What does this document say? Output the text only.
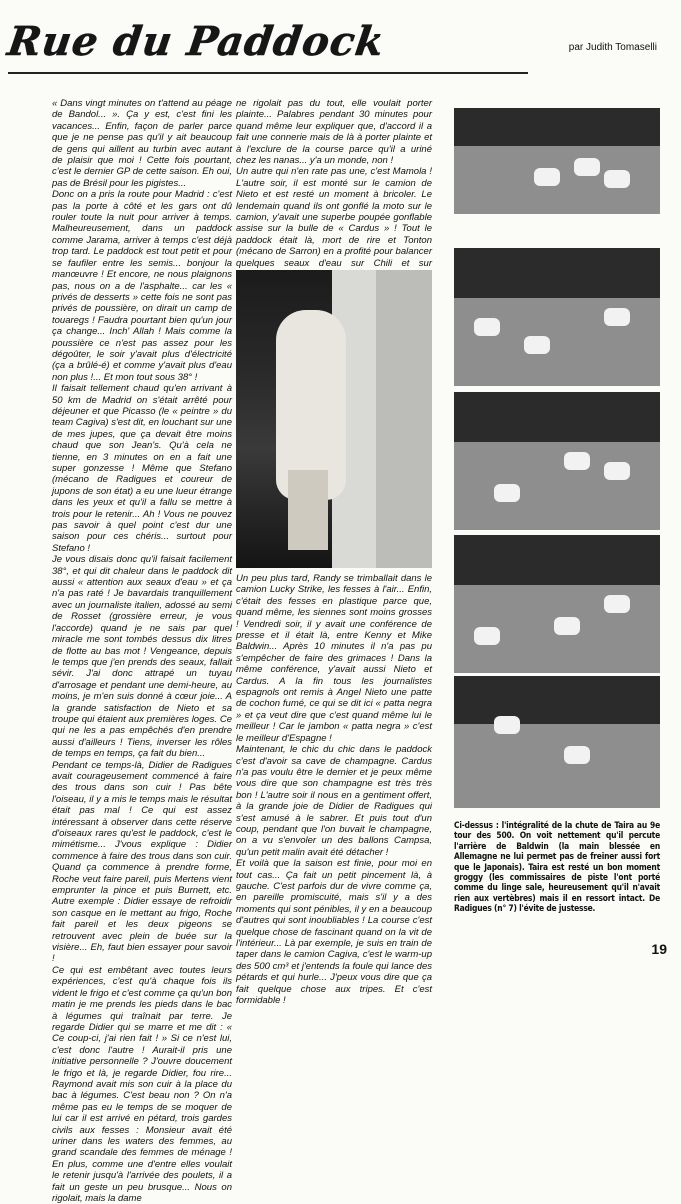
Rue du Paddock	par Judith Tomaselli

« Dans vingt minutes on t'attend au péage de Bandol... ». Ça y est, c'est fini les vacances... Enfin, façon de parler parce que je ne pense pas qu'il y ait beaucoup de gens qui aillent au turbin avec autant de plaisir que moi ! Cette fois pourtant, c'est le dernier GP de cette saison. Eh oui, pas de Brésil pour les pigistes...

Donc on a pris la route pour Madrid : c'est pas la porte à côté et les gars ont dû rouler toute la nuit pour arriver à temps. Malheureusement, dans un paddock comme Jarama, arriver à temps c'est déjà trop tard. Le paddock est tout petit et pour se faufiler entre les semis... bonjour la manœuvre ! Et encore, ne nous plaignons pas, nous on a de l'asphalte... car les « privés de desserts » cette fois ne sont pas privés de poussière, on dirait un camp de touaregs ! Faudra pourtant bien qu'un jour ça change... Inch' Allah ! Mais comme la poussière ce n'est pas assez pour les dégoûter, le soir y'avait plus d'électricité (ça a brûlé-é) et comme y'avait plus d'eau non plus !... Et mon tout sous 38° !

Il faisait tellement chaud qu'en arrivant à 50 km de Madrid on s'était arrêté pour déjeuner et que Picasso (le « peintre » du team Cagiva) s'est dit, en louchant sur une de mes jupes, que ça devait être moins chaud que son Jean's. Qu'à cela ne tienne, en 3 minutes on en a fait une super gonzesse ! Même que Stefano (mécano de Radigues et coureur de jupons de son état) a eu une lueur étrange dans les yeux et qu'il a fallu se mettre à trois pour le retenir... Ah ! Vous ne pouvez pas savoir à quel point c'est dur une saison pour ces chéris... surtout pour Stefano !

Je vous disais donc qu'il faisait facilement 38°, et qui dit chaleur dans le paddock dit aussi « attention aux seaux d'eau » et ça n'a pas raté ! Je bavardais tranquillement avec un journaliste italien, adossé au semi de Rosset (grossière erreur, je vous l'accorde) quand je ne sais par quel miracle me sont tombés dessus dix litres de flotte au bas mot ! Vengeance, depuis le temps que j'en prends des seaux, fallait sévir. J'ai donc attrapé un tuyau d'arrosage et pendant une demi-heure, au moins, je m'en suis donné à cœur joie... A la grande satisfaction de Nieto et sa troupe qui étaient aux premières loges. Ce qui ne les a pas empêchés d'en prendre aussi d'ailleurs ! Tiens, inverser les rôles de temps en temps, ça fait du bien...

Pendant ce temps-là, Didier de Radigues avait courageusement commencé à faire des trous dans son cuir ! Pas bête l'oiseau, il y a mis le temps mais le résultat était pas mal ! Ce qui est assez intéressant à observer dans cette réserve d'oiseaux rares qu'est le paddock, c'est le mimétisme... J'vous explique : Didier commence à faire des trous dans son cuir. Quand ça commence à prendre forme, Roche veut faire pareil, puis Mertens vient emprunter la pince et puis Burnett, etc. Autre exemple : Didier essaye de refroidir son casque en le mettant au frigo, Roche fait pareil et les deux pigeons se retrouvent avec plein de buée sur la visière... Eh, faut bien essayer pour savoir !

Ce qui est embêtant avec toutes leurs expériences, c'est qu'à chaque fois ils vident le frigo et c'est comme ça qu'un bon matin je me prends les pieds dans le bac à légumes qui traînait par terre. Je regarde Didier qui se marre et me dit : « Ce coup-ci, j'ai rien fait ! » Si ce n'est lui, c'est donc l'autre ! Aurait-il pris une initiative personnelle ? J'ouvre doucement le frigo et là, je regarde Didier, fou rire... Raymond avait mis son cuir à la place du bac à légumes. C'est beau non ? On n'a même pas eu le temps de se moquer de lui car il est arrivé en pétard, trois gardes civils aux fesses : Monsieur avait été uriner dans les waters des femmes, au grand scandale des femmes de ménage ! En plus, comme une d'entre elles voulait le retenir jusqu'à l'arrivée des poulets, il a fait un geste un peu brusque... Nous on rigolait, mais la dame

ne rigolait pas du tout, elle voulait porter plainte... Palabres pendant 30 minutes pour quand même leur expliquer que, d'accord il a fait une connerie mais de là à porter plainte et à l'exclure de la course parce qu'il a uriné chez les nanas... y'a un monde, non !

Un autre qui n'en rate pas une, c'est Mamola ! L'autre soir, il est monté sur le camion de Nieto et est resté un moment à bricoler. Le lendemain quand ils ont gonflé la moto sur le camion, y'avait une superbe poupée gonflable assise sur la bulle de « Cardus » ! Tout le paddock était là, mort de rire et Tonton (mécano de Sarron) en a profité pour balancer quelques seaux d'eau sur Chili et sur

Un peu plus tard, Randy se trimballait dans le camion Lucky Strike, les fesses à l'air... Enfin, c'était des fesses en plastique parce que, quand même, les siennes sont moins grosses ! Vendredi soir, il y avait une conférence de presse et il était là, entre Kenny et Mike Baldwin... Après 10 minutes il n'a pas pu s'empêcher de faire des grimaces ! Dans la même conférence, y'avait aussi Nieto et Cardus. A la fin tous les journalistes espagnols ont remis à Angel Nieto une patte de cochon fumé, ce qui se dit ici « patta negra » et ça veut dire que c'est quand même lui le meilleur ! Car le jambon « patta negra » c'est le meilleur d'Espagne !

Maintenant, le chic du chic dans le paddock c'est d'avoir sa cave de champagne. Cardus n'a pas voulu être le dernier et je peux même vous dire que son champagne est très très bon ! L'autre soir il nous en a gentiment offert, à la grande joie de Didier de Radigues qui s'est amusé à le sabrer. Et puis tout d'un coup, pendant que l'on buvait le champagne, on a vu s'envoler un des ballons Campsa, qu'un petit malin avait été détacher !

Et voilà que la saison est finie, pour moi en tout cas... Ça fait un petit pincement là, à gauche. C'est parfois dur de vivre comme ça, en pareille promiscuité, mais s'il y a des moments qui sont pénibles, il y en a beaucoup d'autres qui sont inoubliables ! La course c'est quelque chose de fascinant quand on la vit de l'intérieur... Là par exemple, je suis en train de taper dans le camion Cagiva, c'est le warm-up des 500 cm³ et j'entends la foule qui lance des pétards et qui hurle... J'peux vous dire que ça fait quelque chose aux tripes. Et c'est formidable !

Ci-dessus : l'intégralité de la chute de Taira au 9e tour des 500. On voit nettement qu'il percute l'arrière de Baldwin (la main blessée en Allemagne ne lui permet pas de freiner aussi fort que le Japonais). Taira est resté un bon moment groggy (les commissaires de piste l'ont porté comme du linge sale, heureusement qu'il n'avait rien aux vertèbres) mais il en ressort intact. De Radigues (n° 7) l'évite de justesse.
19
